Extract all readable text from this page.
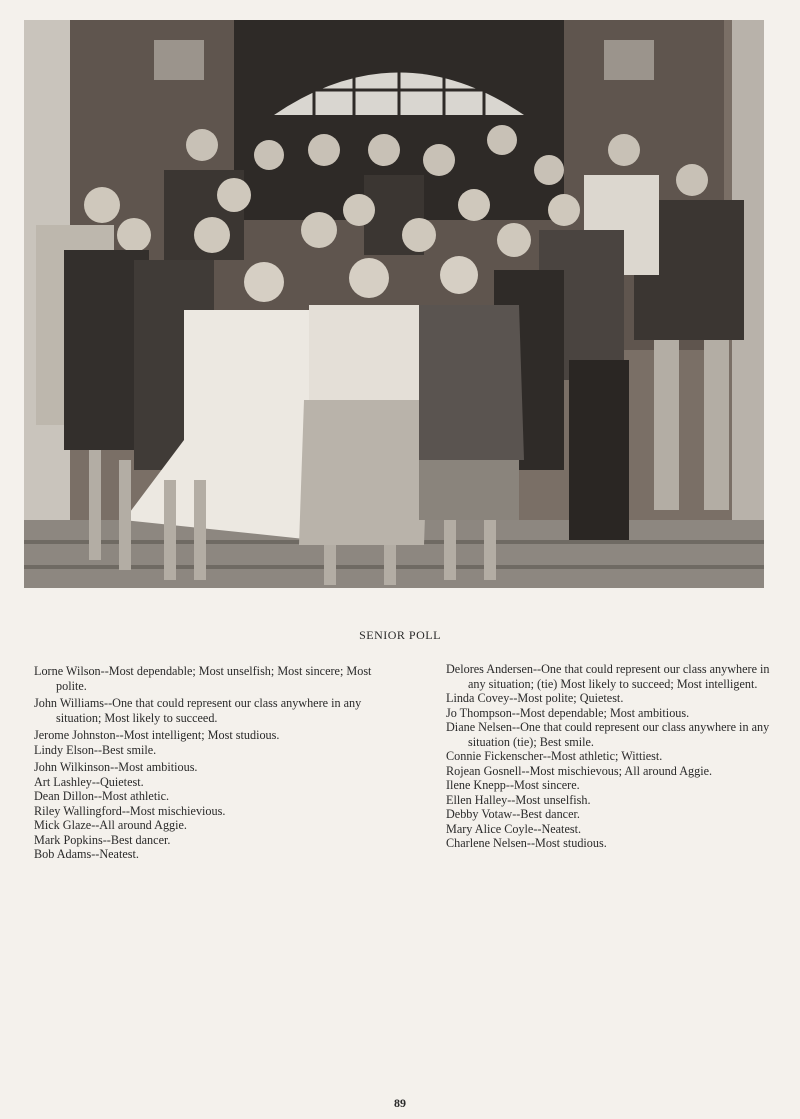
SENIOR POLL

Lorne Wilson--Most dependable; Most unselfish; Most sincere; Most polite.

John Williams--One that could represent our class anywhere in any situation; Most likely to succeed.

Jerome Johnston--Most intelligent; Most studious.

Lindy Elson--Best smile.

John Wilkinson--Most ambitious.

Art Lashley--Quietest.

Dean Dillon--Most athletic.

Riley Wallingford--Most mischievious.

Mick Glaze--All around Aggie.

Mark Popkins--Best dancer.

Bob Adams--Neatest.

Delores Andersen--One that could represent our class anywhere in any situation; (tie) Most likely to succeed; Most intelligent.

Linda Covey--Most polite; Quietest.

Jo Thompson--Most dependable; Most ambitious.

Diane Nelsen--One that could represent our class anywhere in any situation (tie); Best smile.

Connie Fickenscher--Most athletic; Wittiest.

Rojean Gosnell--Most mischievous; All around Aggie.

Ilene Knepp--Most sincere.

Ellen Halley--Most unselfish.

Debby Votaw--Best dancer.

Mary Alice Coyle--Neatest.

Charlene Nelsen--Most studious.

89
